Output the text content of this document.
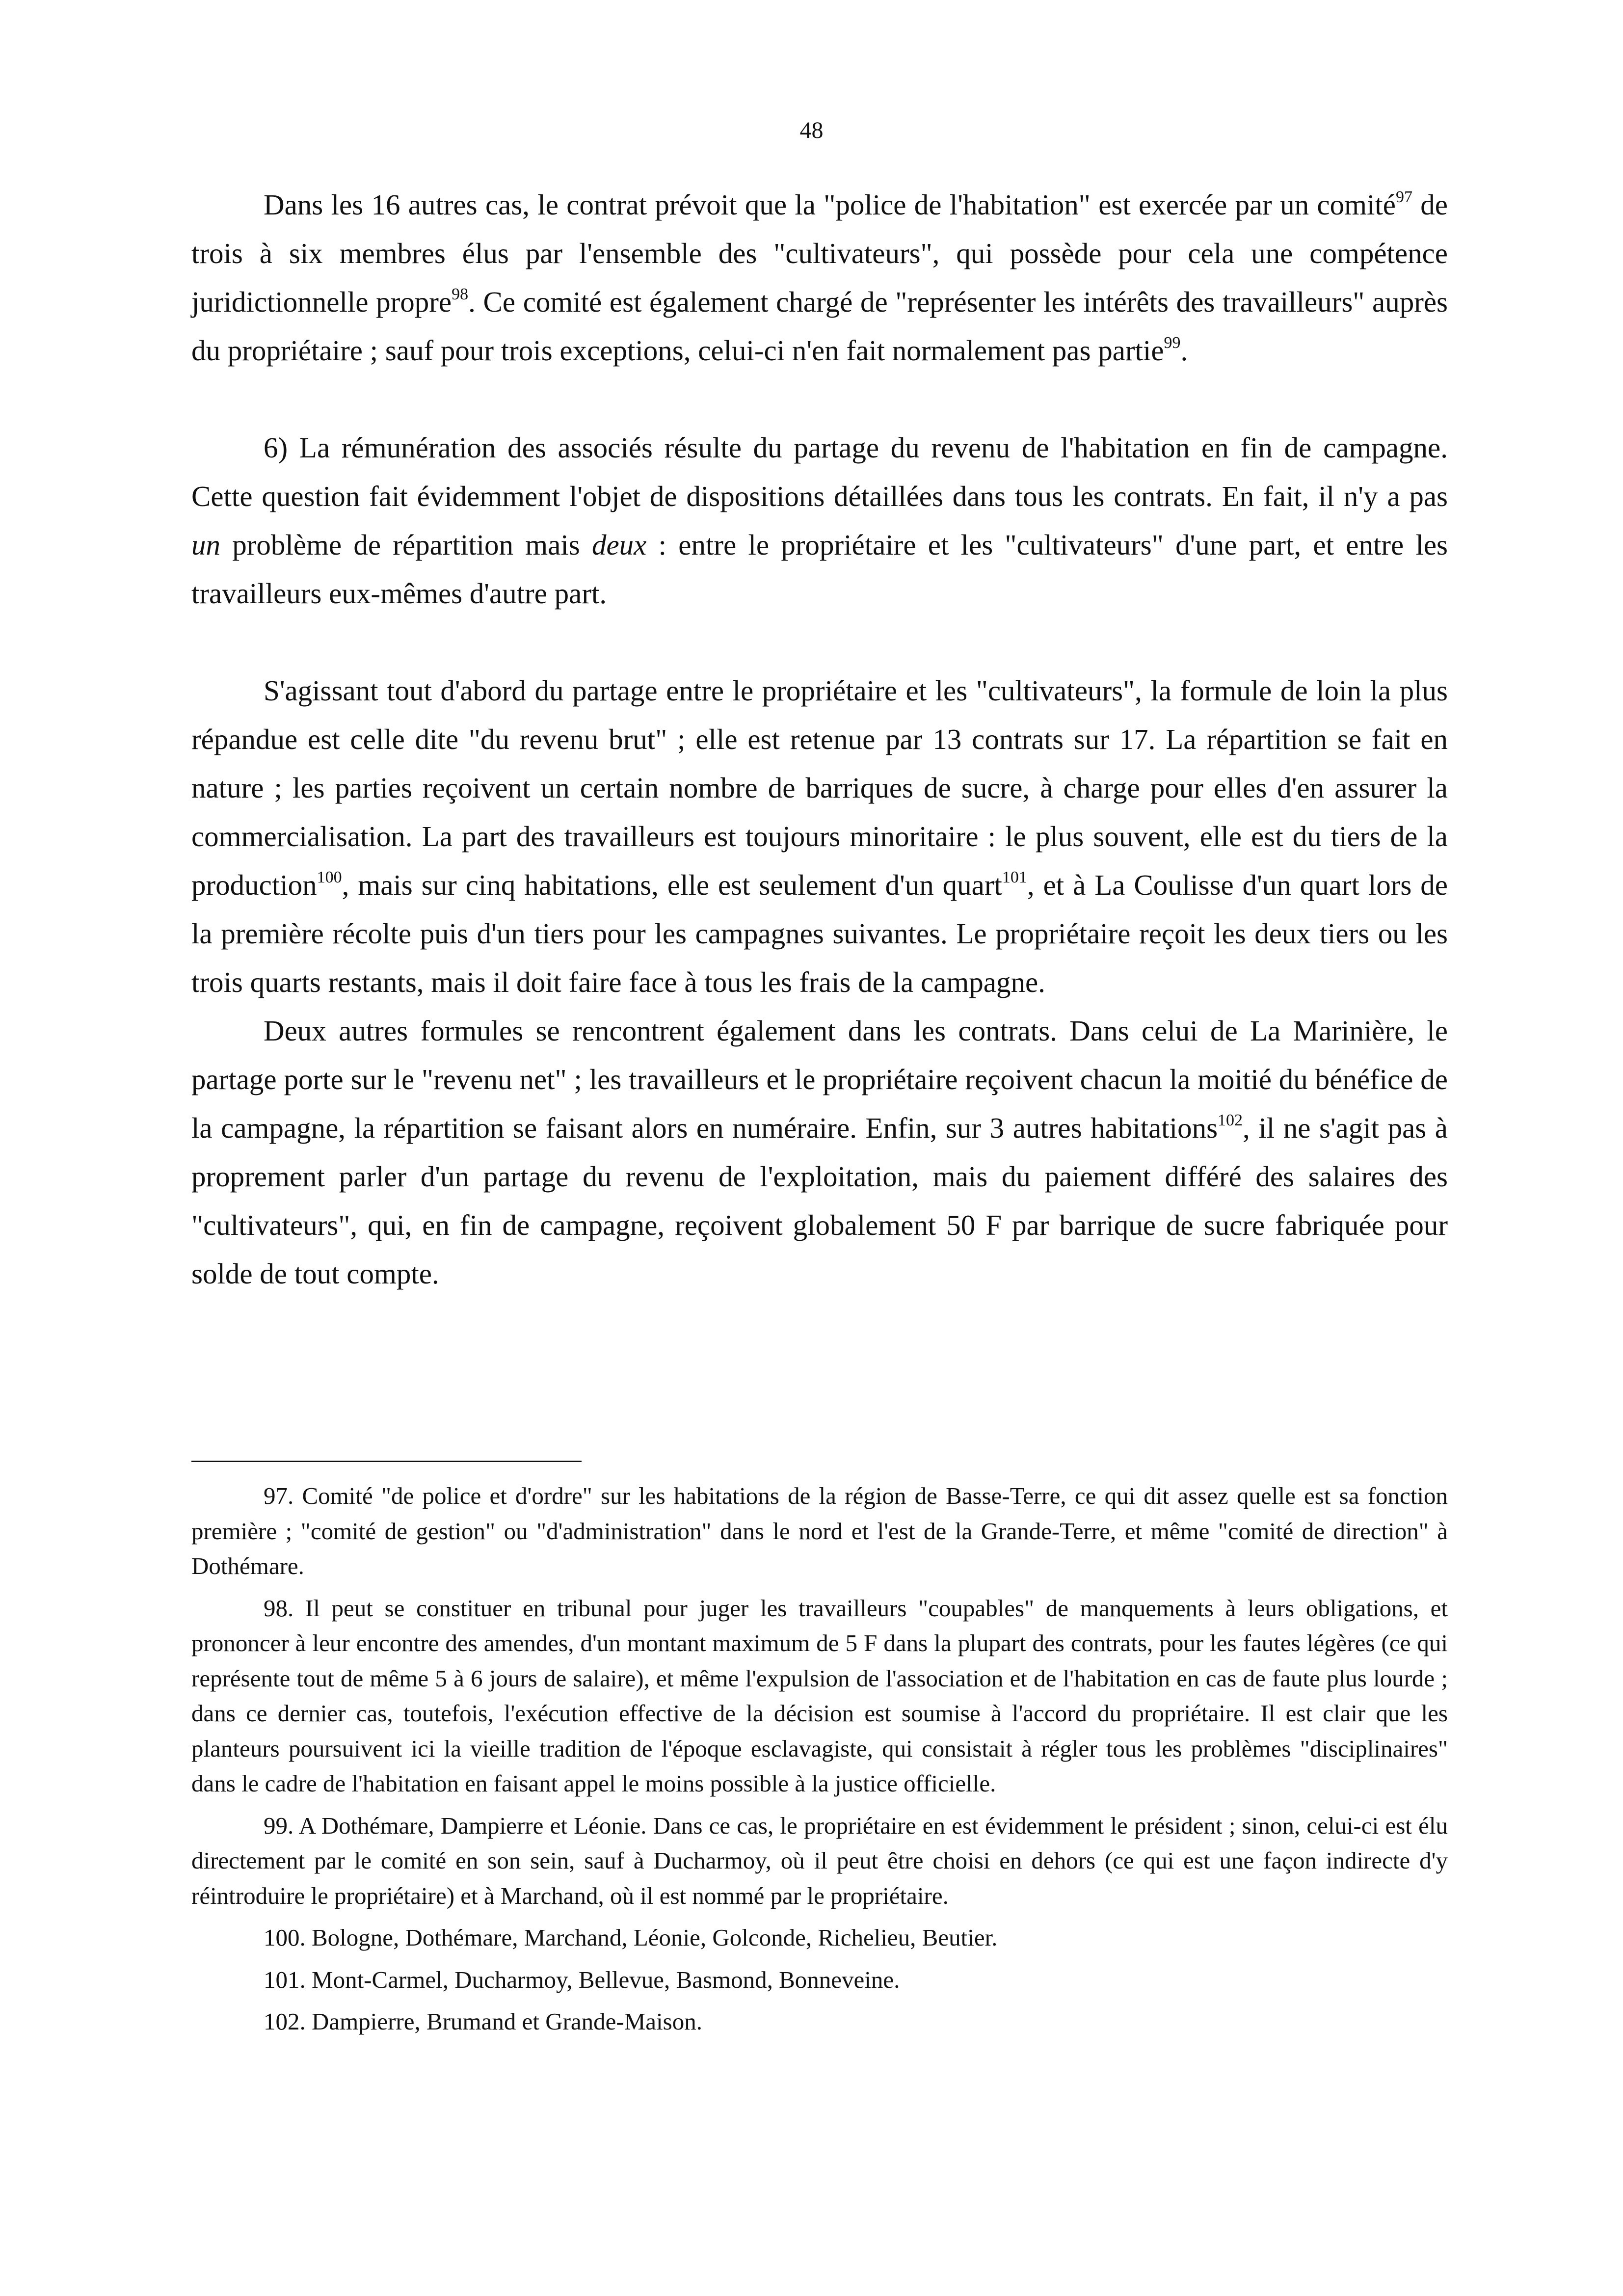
48

Dans les 16 autres cas, le contrat prévoit que la "police de l'habitation" est exercée par un comité$^{97}$ de trois à six membres élus par l'ensemble des "cultivateurs", qui possède pour cela une compétence juridictionnelle propre$^{98}$. Ce comité est également chargé de "représenter les intérêts des travailleurs" auprès du propriétaire ; sauf pour trois exceptions, celui-ci n'en fait normalement pas partie$^{99}$.

6) La rémunération des associés résulte du partage du revenu de l'habitation en fin de campagne. Cette question fait évidemment l'objet de dispositions détaillées dans tous les contrats. En fait, il n'y a pas un problème de répartition mais deux : entre le propriétaire et les "cultivateurs" d'une part, et entre les travailleurs eux-mêmes d'autre part.

S'agissant tout d'abord du partage entre le propriétaire et les "cultivateurs", la formule de loin la plus répandue est celle dite "du revenu brut" ; elle est retenue par 13 contrats sur 17. La répartition se fait en nature ; les parties reçoivent un certain nombre de barriques de sucre, à charge pour elles d'en assurer la commercialisation. La part des travailleurs est toujours minoritaire : le plus souvent, elle est du tiers de la production$^{100}$, mais sur cinq habitations, elle est seulement d'un quart$^{101}$, et à La Coulisse d'un quart lors de la première récolte puis d'un tiers pour les campagnes suivantes. Le propriétaire reçoit les deux tiers ou les trois quarts restants, mais il doit faire face à tous les frais de la campagne.

Deux autres formules se rencontrent également dans les contrats. Dans celui de La Marinière, le partage porte sur le "revenu net" ; les travailleurs et le propriétaire reçoivent chacun la moitié du bénéfice de la campagne, la répartition se faisant alors en numéraire. Enfin, sur 3 autres habitations$^{102}$, il ne s'agit pas à proprement parler d'un partage du revenu de l'exploitation, mais du paiement différé des salaires des "cultivateurs", qui, en fin de campagne, reçoivent globalement 50 F par barrique de sucre fabriquée pour solde de tout compte.

97. Comité "de police et d'ordre" sur les habitations de la région de Basse-Terre, ce qui dit assez quelle est sa fonction première ; "comité de gestion" ou "d'administration" dans le nord et l'est de la Grande-Terre, et même "comité de direction" à Dothémare.

98. Il peut se constituer en tribunal pour juger les travailleurs "coupables" de manquements à leurs obligations, et prononcer à leur encontre des amendes, d'un montant maximum de 5 F dans la plupart des contrats, pour les fautes légères (ce qui représente tout de même 5 à 6 jours de salaire), et même l'expulsion de l'association et de l'habitation en cas de faute plus lourde ; dans ce dernier cas, toutefois, l'exécution effective de la décision est soumise à l'accord du propriétaire. Il est clair que les planteurs poursuivent ici la vieille tradition de l'époque esclavagiste, qui consistait à régler tous les problèmes "disciplinaires" dans le cadre de l'habitation en faisant appel le moins possible à la justice officielle.

99. A Dothémare, Dampierre et Léonie. Dans ce cas, le propriétaire en est évidemment le président ; sinon, celui-ci est élu directement par le comité en son sein, sauf à Ducharmoy, où il peut être choisi en dehors (ce qui est une façon indirecte d'y réintroduire le propriétaire) et à Marchand, où il est nommé par le propriétaire.

100. Bologne, Dothémare, Marchand, Léonie, Golconde, Richelieu, Beutier.

101. Mont-Carmel, Ducharmoy, Bellevue, Basmond, Bonneveine.

102. Dampierre, Brumand et Grande-Maison.
